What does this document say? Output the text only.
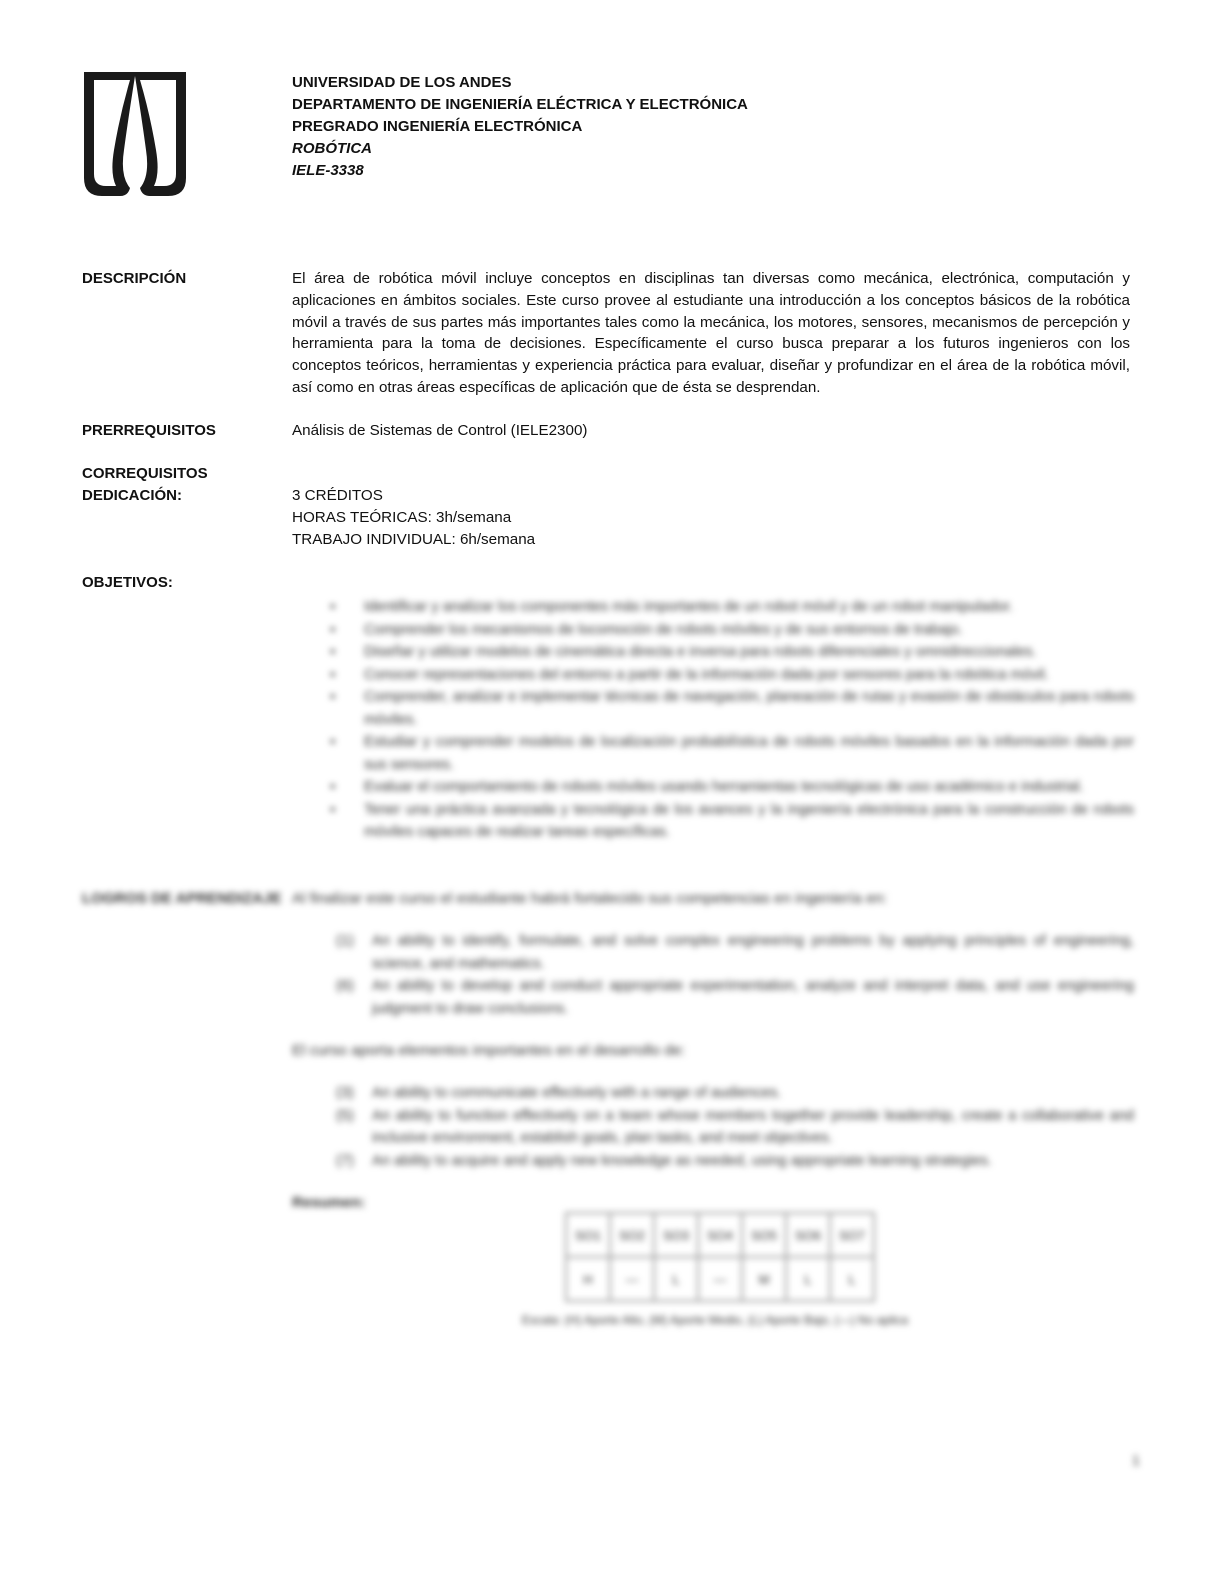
UNIVERSIDAD DE LOS ANDES
DEPARTAMENTO DE INGENIERÍA ELÉCTRICA Y ELECTRÓNICA
PREGRADO INGENIERÍA ELECTRÓNICA
ROBÓTICA
IELE-3338
DESCRIPCIÓN	El área de robótica móvil incluye conceptos en disciplinas tan diversas como mecánica, electrónica, computación y aplicaciones en ámbitos sociales. Este curso provee al estudiante una introducción a los conceptos básicos de la robótica móvil a través de sus partes más importantes tales como la mecánica, los motores, sensores, mecanismos de percepción y herramienta para la toma de decisiones. Específicamente el curso busca preparar a los futuros ingenieros con los conceptos teóricos, herramientas y experiencia práctica para evaluar, diseñar y profundizar en el área de la robótica móvil, así como en otras áreas específicas de aplicación que de ésta se desprendan.
PRERREQUISITOS	Análisis de Sistemas de Control (IELE2300)
CORREQUISITOS
DEDICACIÓN:	3 CRÉDITOS
HORAS TEÓRICAS: 3h/semana
TRABAJO INDIVIDUAL: 6h/semana
OBJETIVOS:
▪ Identificar y analizar los componentes más importantes de un robot móvil y de un robot manipulador.
▪ Comprender los mecanismos de locomoción de robots móviles y de sus entornos de trabajo.
▪ Diseñar y utilizar modelos de cinemática directa e inversa para robots diferenciales y omnidireccionales.
▪ Conocer representaciones del entorno a partir de la información dada por sensores para la robótica móvil.
▪ Comprender, analizar e implementar técnicas de navegación, planeación de rutas y evasión de obstáculos para robots móviles.
▪ Estudiar y comprender modelos de localización probabilística de robots móviles basados en la información dada por sus sensores.
▪ Evaluar el comportamiento de robots móviles usando herramientas tecnológicas de uso académico e industrial.
▪ Tener una práctica avanzada y tecnológica de los avances y la ingeniería electrónica para la construcción de robots móviles capaces de realizar tareas específicas.
LOGROS DE APRENDIZAJE Al finalizar este curso el estudiante habrá fortalecido sus competencias en ingeniería en:
(1) An ability to identify, formulate, and solve complex engineering problems by applying principles of engineering, science, and mathematics.
(6) An ability to develop and conduct appropriate experimentation, analyze and interpret data, and use engineering judgment to draw conclusions.
El curso aporta elementos importantes en el desarrollo de:
(3) An ability to communicate effectively with a range of audiences.
(5) An ability to function effectively on a team whose members together provide leadership, create a collaborative and inclusive environment, establish goals, plan tasks, and meet objectives.
(7) An ability to acquire and apply new knowledge as needed, using appropriate learning strategies.
Resumen:
SO1	SO2	SO3	SO4	SO5	SO6	SO7
H	—	L	—	M	L	L
Escala: (H) Aporte Alto, (M) Aporte Medio, (L) Aporte Bajo, (—) No aplica
1
